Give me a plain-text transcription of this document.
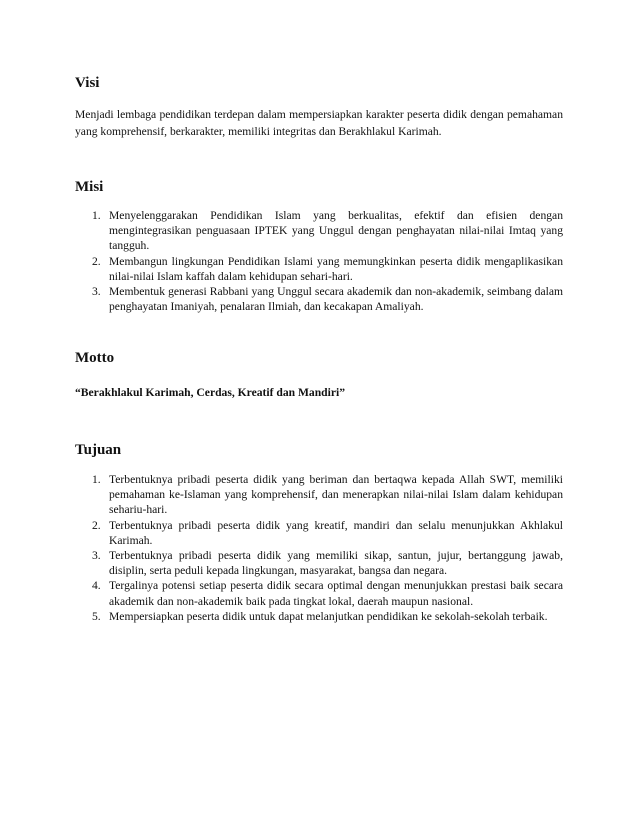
Visi

Menjadi lembaga pendidikan terdepan dalam mempersiapkan karakter peserta didik dengan pemahaman yang komprehensif, berkarakter, memiliki integritas dan Berakhlakul Karimah.

Misi
1. Menyelenggarakan Pendidikan Islam yang berkualitas, efektif dan efisien dengan mengintegrasikan penguasaan IPTEK yang Unggul dengan penghayatan nilai-nilai Imtaq yang tangguh.
2. Membangun lingkungan Pendidikan Islami yang memungkinkan peserta didik mengaplikasikan nilai-nilai Islam kaffah dalam kehidupan sehari-hari.
3. Membentuk generasi Rabbani yang Unggul secara akademik dan non-akademik, seimbang dalam penghayatan Imaniyah, penalaran Ilmiah, dan kecakapan Amaliyah.
Motto

“Berakhlakul Karimah, Cerdas, Kreatif dan Mandiri”

Tujuan
1. Terbentuknya pribadi peserta didik yang beriman dan bertaqwa kepada Allah SWT, memiliki pemahaman ke-Islaman yang komprehensif, dan menerapkan nilai-nilai Islam dalam kehidupan sehariu-hari.
2. Terbentuknya pribadi peserta didik yang kreatif, mandiri dan selalu menunjukkan Akhlakul Karimah.
3. Terbentuknya pribadi peserta didik yang memiliki sikap, santun, jujur, bertanggung jawab, disiplin, serta peduli kepada lingkungan, masyarakat, bangsa dan negara.
4. Tergalinya potensi setiap peserta didik secara optimal dengan menunjukkan prestasi baik secara akademik dan non-akademik baik pada tingkat lokal, daerah maupun nasional.
5. Mempersiapkan peserta didik untuk dapat melanjutkan pendidikan ke sekolah-sekolah terbaik.
